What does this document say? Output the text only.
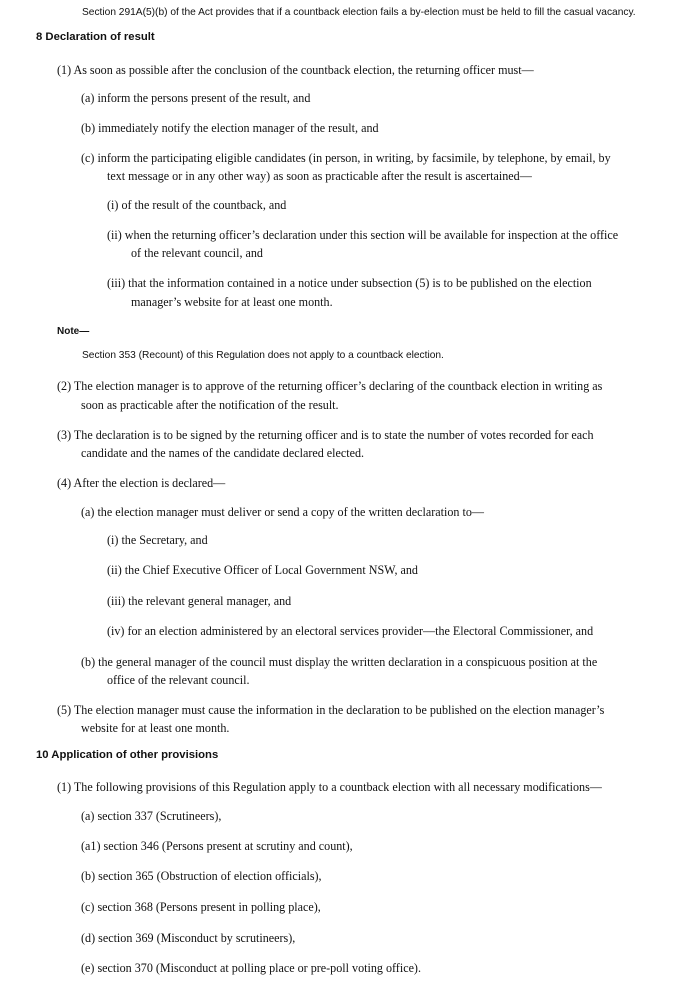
Section 291A(5)(b) of the Act provides that if a countback election fails a by-election must be held to fill the casual vacancy.

8 Declaration of result

(1) As soon as possible after the conclusion of the countback election, the returning officer must—

(a) inform the persons present of the result, and

(b) immediately notify the election manager of the result, and

(c) inform the participating eligible candidates (in person, in writing, by facsimile, by telephone, by email, by

text message or in any other way) as soon as practicable after the result is ascertained—

(i) of the result of the countback, and

(ii) when the returning officer’s declaration under this section will be available for inspection at the office

of the relevant council, and

(iii) that the information contained in a notice under subsection (5) is to be published on the election

manager’s website for at least one month.

Note—

Section 353 (Recount) of this Regulation does not apply to a countback election.

(2) The election manager is to approve of the returning officer’s declaring of the countback election in writing as

soon as practicable after the notification of the result.

(3) The declaration is to be signed by the returning officer and is to state the number of votes recorded for each

candidate and the names of the candidate declared elected.

(4) After the election is declared—

(a) the election manager must deliver or send a copy of the written declaration to—

(i) the Secretary, and

(ii) the Chief Executive Officer of Local Government NSW, and

(iii) the relevant general manager, and

(iv) for an election administered by an electoral services provider—the Electoral Commissioner, and

(b) the general manager of the council must display the written declaration in a conspicuous position at the

office of the relevant council.

(5) The election manager must cause the information in the declaration to be published on the election manager’s

website for at least one month.

10 Application of other provisions

(1) The following provisions of this Regulation apply to a countback election with all necessary modifications—

(a) section 337 (Scrutineers),

(a1) section 346 (Persons present at scrutiny and count),

(b) section 365 (Obstruction of election officials),

(c) section 368 (Persons present in polling place),

(d) section 369 (Misconduct by scrutineers),

(e) section 370 (Misconduct at polling place or pre-poll voting office).
